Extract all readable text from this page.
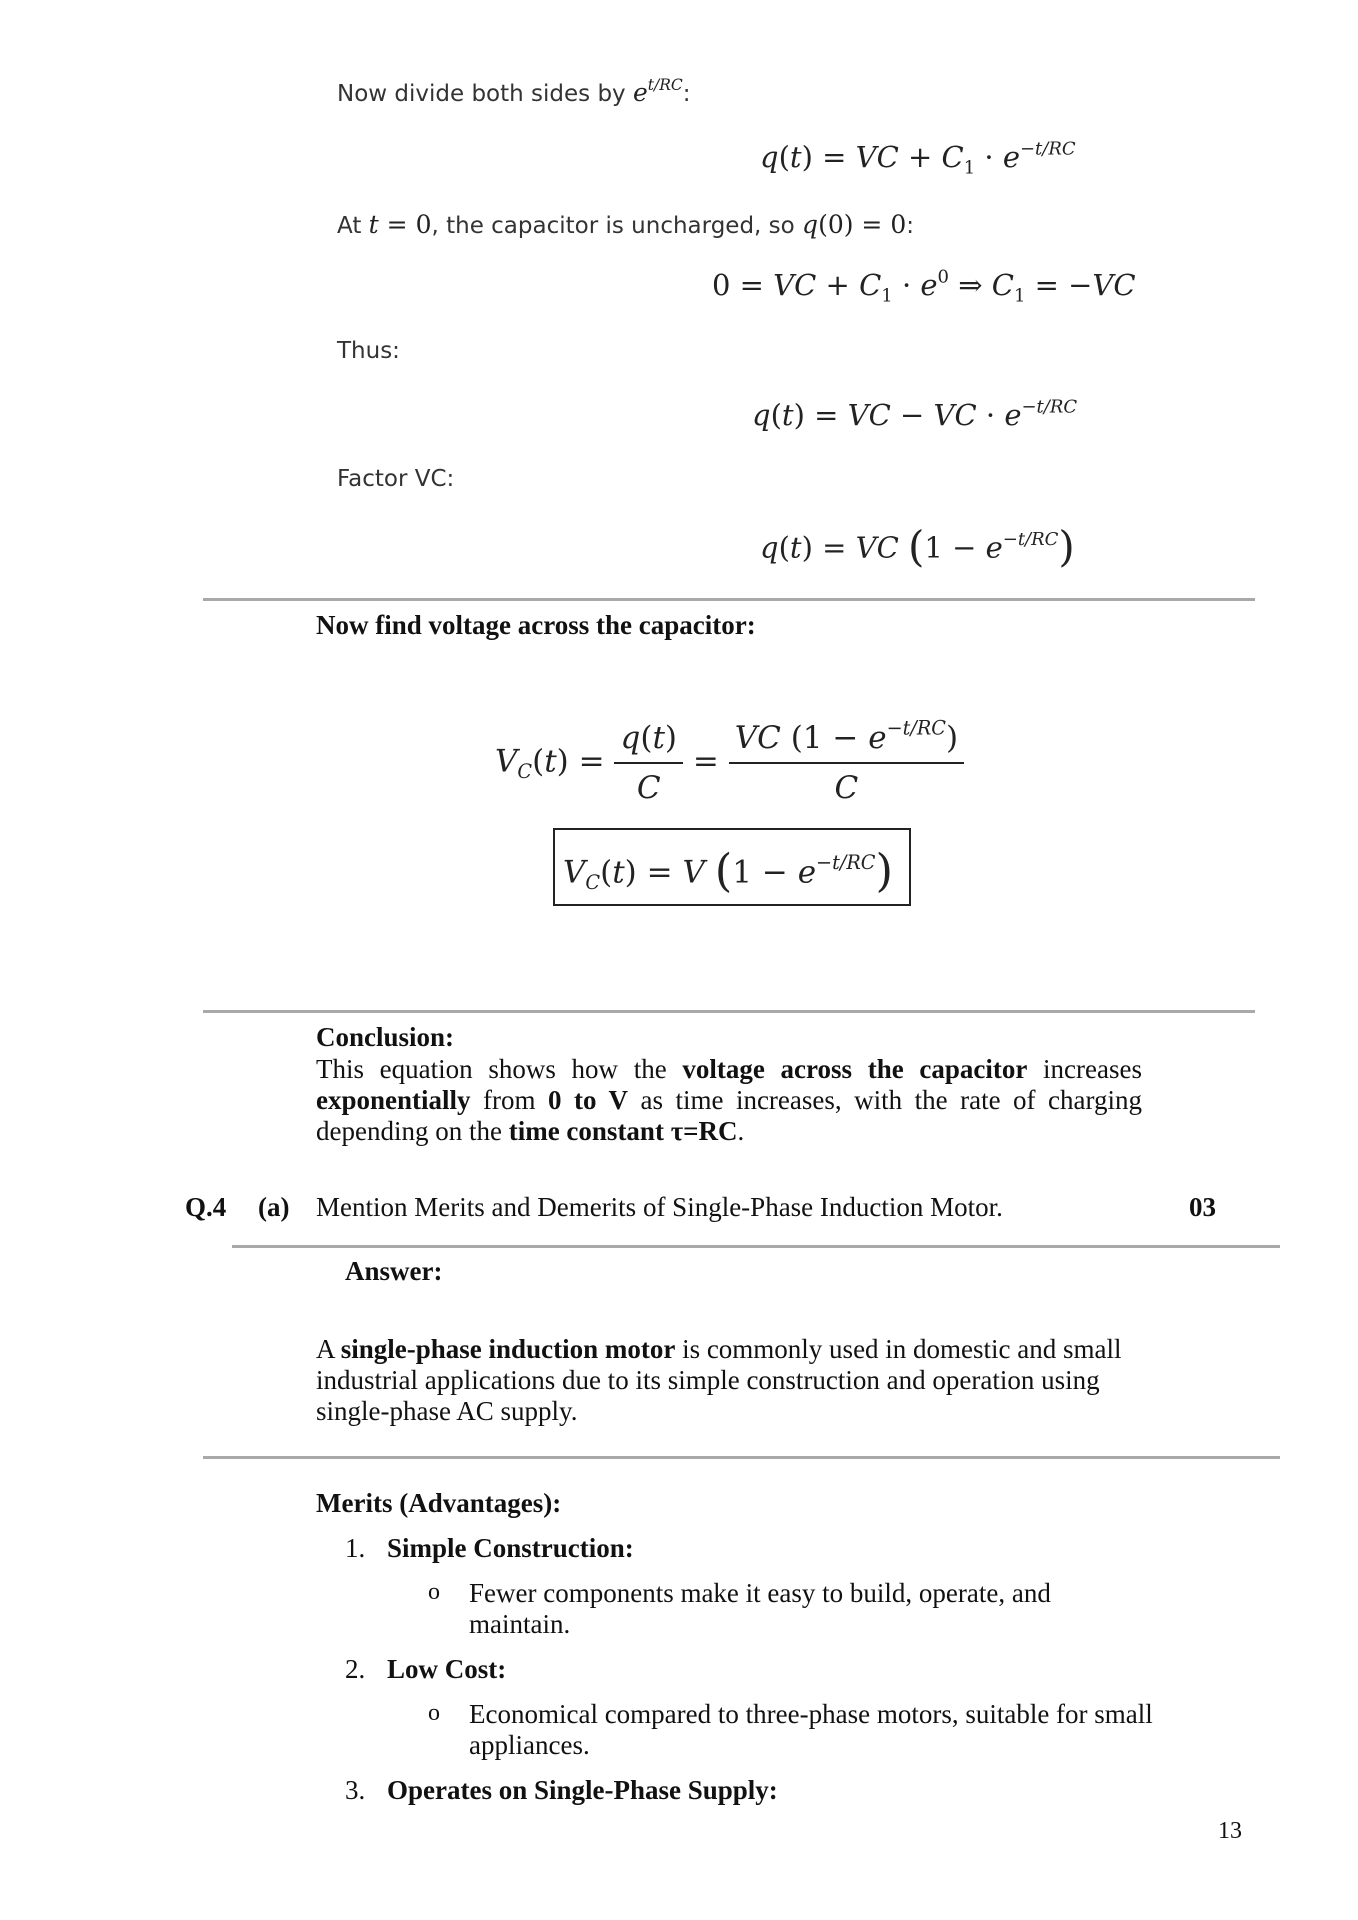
Now divide both sides by $e^{t/RC}$:
q(t) = VC + $C_1 \cdot e^{-t/RC}$
At t = 0, the capacitor is uncharged, so q(0) = 0:
0 = VC + $C_1 \cdot e^0$ ⇒ $C_1 = -VC$
Thus:
q(t) = VC − VC · $e^{-t/RC}$
Factor VC:
q(t) = VC $(1 - e^{-t/RC})$
Now find voltage across the capacitor:
$V_C(t) = \frac{q(t)}{C} = \frac{VC (1 - e^{-t/RC})}{C}$
$V_C(t) = V$ $(1 - e^{-t/RC})$
Conclusion:
This equation shows how the voltage across the capacitor increases
exponentially from 0 to V as time increases, with the rate of charging
depending on the time constant τ=RC.
Q.4 (a) Mention Merits and Demerits of Single-Phase Induction Motor.	03
Answer:
A single-phase induction motor is commonly used in domestic and small industrial applications due to its simple construction and operation using single-phase AC supply.
Merits (Advantages):
1. Simple Construction:
o Fewer components make it easy to build, operate, and maintain.
2. Low Cost:
o Economical compared to three-phase motors, suitable for small appliances.
3. Operates on Single-Phase Supply:
13
